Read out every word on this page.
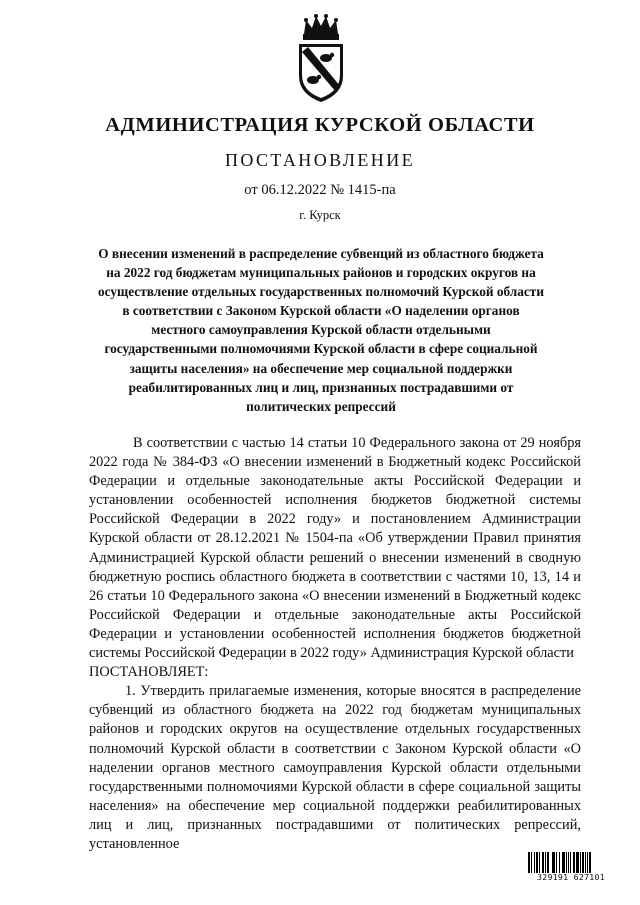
АДМИНИСТРАЦИЯ КУРСКОЙ ОБЛАСТИ
ПОСТАНОВЛЕНИЕ
от 06.12.2022 № 1415-па
г. Курск
О внесении изменений в распределение субвенций из областного бюджета на 2022 год бюджетам муниципальных районов и городских округов на осуществление отдельных государственных полномочий Курской области в соответствии с Законом Курской области «О наделении органов местного самоуправления Курской области отдельными государственными полномочиями Курской области в сфере социальной защиты населения» на обеспечение мер социальной поддержки реабилитированных лиц и лиц, признанных пострадавшими от политических репрессий

В соответствии с частью 14 статьи 10 Федерального закона от 29 ноября 2022 года № 384-ФЗ «О внесении изменений в Бюджетный кодекс Российской Федерации и отдельные законодательные акты Российской Федерации и установлении особенностей исполнения бюджетов бюджетной системы Российской Федерации в 2022 году» и постановлением Администрации Курской области от 28.12.2021 № 1504-па «Об утверждении Правил принятия Администрацией Курской области решений о внесении изменений в сводную бюджетную роспись областного бюджета в соответствии с частями 10, 13, 14 и 26 статьи 10 Федерального закона «О внесении изменений в Бюджетный кодекс Российской Федерации и отдельные законодательные акты Российской Федерации и установлении особенностей исполнения бюджетов бюджетной системы Российской Федерации в 2022 году» Администрация Курской области

ПОСТАНОВЛЯЕТ:

1. Утвердить прилагаемые изменения, которые вносятся в распределение субвенций из областного бюджета на 2022 год бюджетам муниципальных районов и городских округов на осуществление отдельных государственных полномочий Курской области в соответствии с Законом Курской области «О наделении органов местного самоуправления Курской области отдельными государственными полномочиями Курской области в сфере социальной защиты населения» на обеспечение мер социальной поддержки реабилитированных лиц и лиц, признанных пострадавшими от политических репрессий, установленное

329191 627101
